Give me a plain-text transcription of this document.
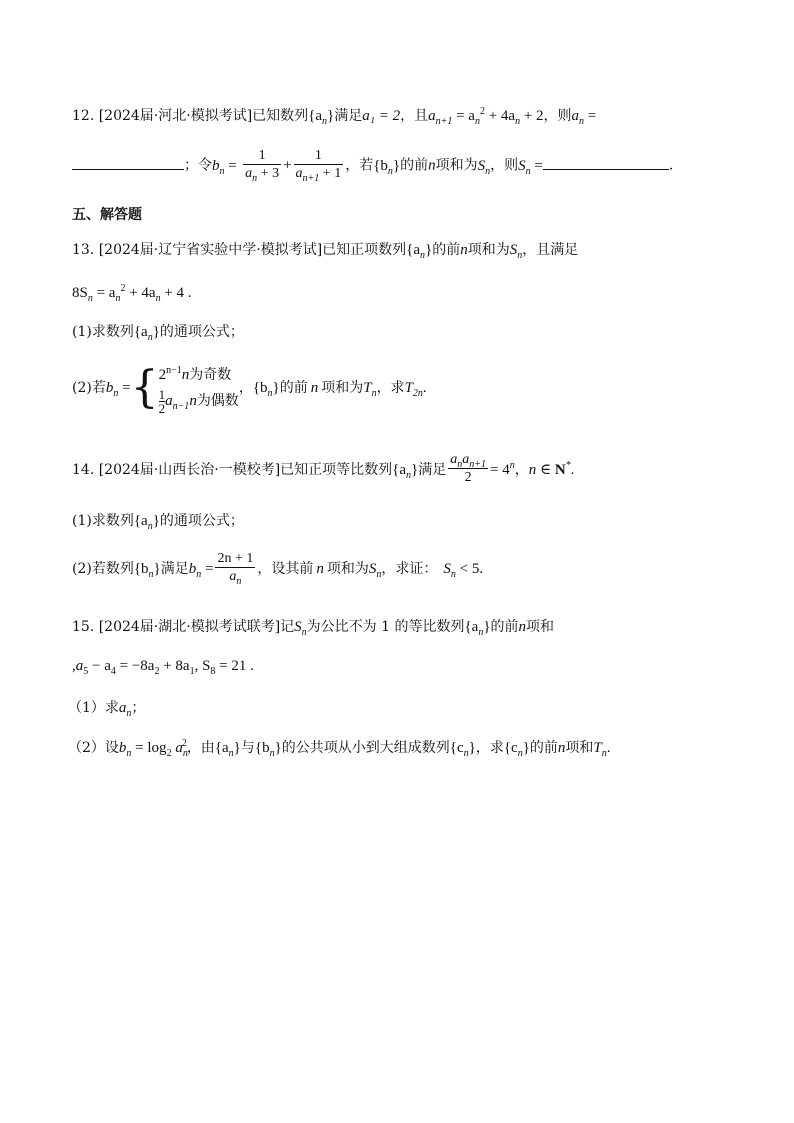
12. [2024届·河北·模拟考试]已知数列$\{a_n\}$满足a₁ = 2，且$a_{n+1} = a_n^2 + 4a_n + 2$，则$a_n$ =
；令$b_n = \frac{1}{a_n + 3} + \frac{1}{a_{n+1} + 1}$ ，若$\{b_n\}$的前n项和为$S_n$，则$S_n$ =	.
五、解答题
13. [2024届·辽宁省实验中学·模拟考试]已知正项数列$\{a_n\}$的前n项和为$S_n$，且满足
$8S_n = a_n^2 + 4a_n + 4$ .
(1)求数列$\{a_n\}$的通项公式；
(2)若$b_n$ ={ $2^{n-1}n$为奇数
$\frac{1}{2} a_{n-1}n$为偶数
，$\{b_n\}$的前 n 项和为$T_n$，求$T_{2n}$.
14. [2024届·山西长治·一模校考]已知正项等比数列$\{a_n\}$满足 $\frac{a_na_{n+1}}{2} = 4^n$，n ∈ N*.
(1)求数列$\{a_n\}$的通项公式；
(2)若数列$\{b_n\}$满足$b_n = \frac{2n + 1}{a_n}$ ，设其前 n 项和为$S_n$，求证： $S_n < 5$.
15. [2024届·湖北·模拟考试联考]记$S_n$为公比不为 1 的等比数列$\{a_n\}$的前n项和
$,a_5 - a_4 = -8a_2 + 8a_1$, $S_8 = 21$ .
（1）求$a_n$；
（2）设$b_n = \log_2 a_n^2$，由$\{a_n\}$与$\{b_n\}$的公共项从小到大组成数列$\{c_n\}$，求$\{c_n\}$的前n项和$T_n$.
